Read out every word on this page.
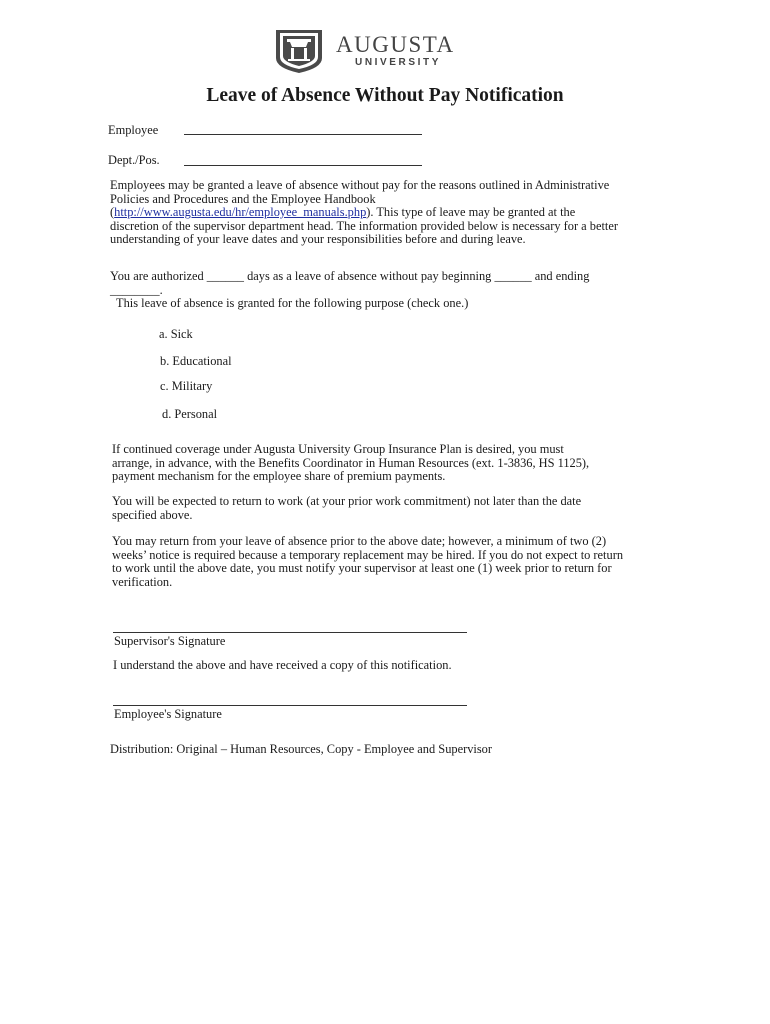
AUGUSTA
UNIVERSITY
Leave of Absence Without Pay Notification
Employee
Dept./Pos.
Employees may be granted a leave of absence without pay for the reasons outlined in Administrative
Policies and Procedures and the Employee Handbook
(http://www.augusta.edu/hr/employee_manuals.php). This type of leave may be granted at the
discretion of the supervisor department head. The information provided below is necessary for a better
understanding of your leave dates and your responsibilities before and during leave.
You are authorized ______ days as a leave of absence without pay beginning ______ and ending
________.
This leave of absence is granted for the following purpose (check one.)
a. Sick
b. Educational
c. Military
d. Personal
If continued coverage under Augusta University Group Insurance Plan is desired, you must
arrange, in advance, with the Benefits Coordinator in Human Resources (ext. 1-3836, HS 1125),
payment mechanism for the employee share of premium payments.
You will be expected to return to work (at your prior work commitment) not later than the date
specified above.
You may return from your leave of absence prior to the above date; however, a minimum of two (2)
weeks’ notice is required because a temporary replacement may be hired. If you do not expect to return
to work until the above date, you must notify your supervisor at least one (1) week prior to return for
verification.
Supervisor's Signature
I understand the above and have received a copy of this notification.
Employee's Signature
Distribution: Original – Human Resources, Copy - Employee and Supervisor
